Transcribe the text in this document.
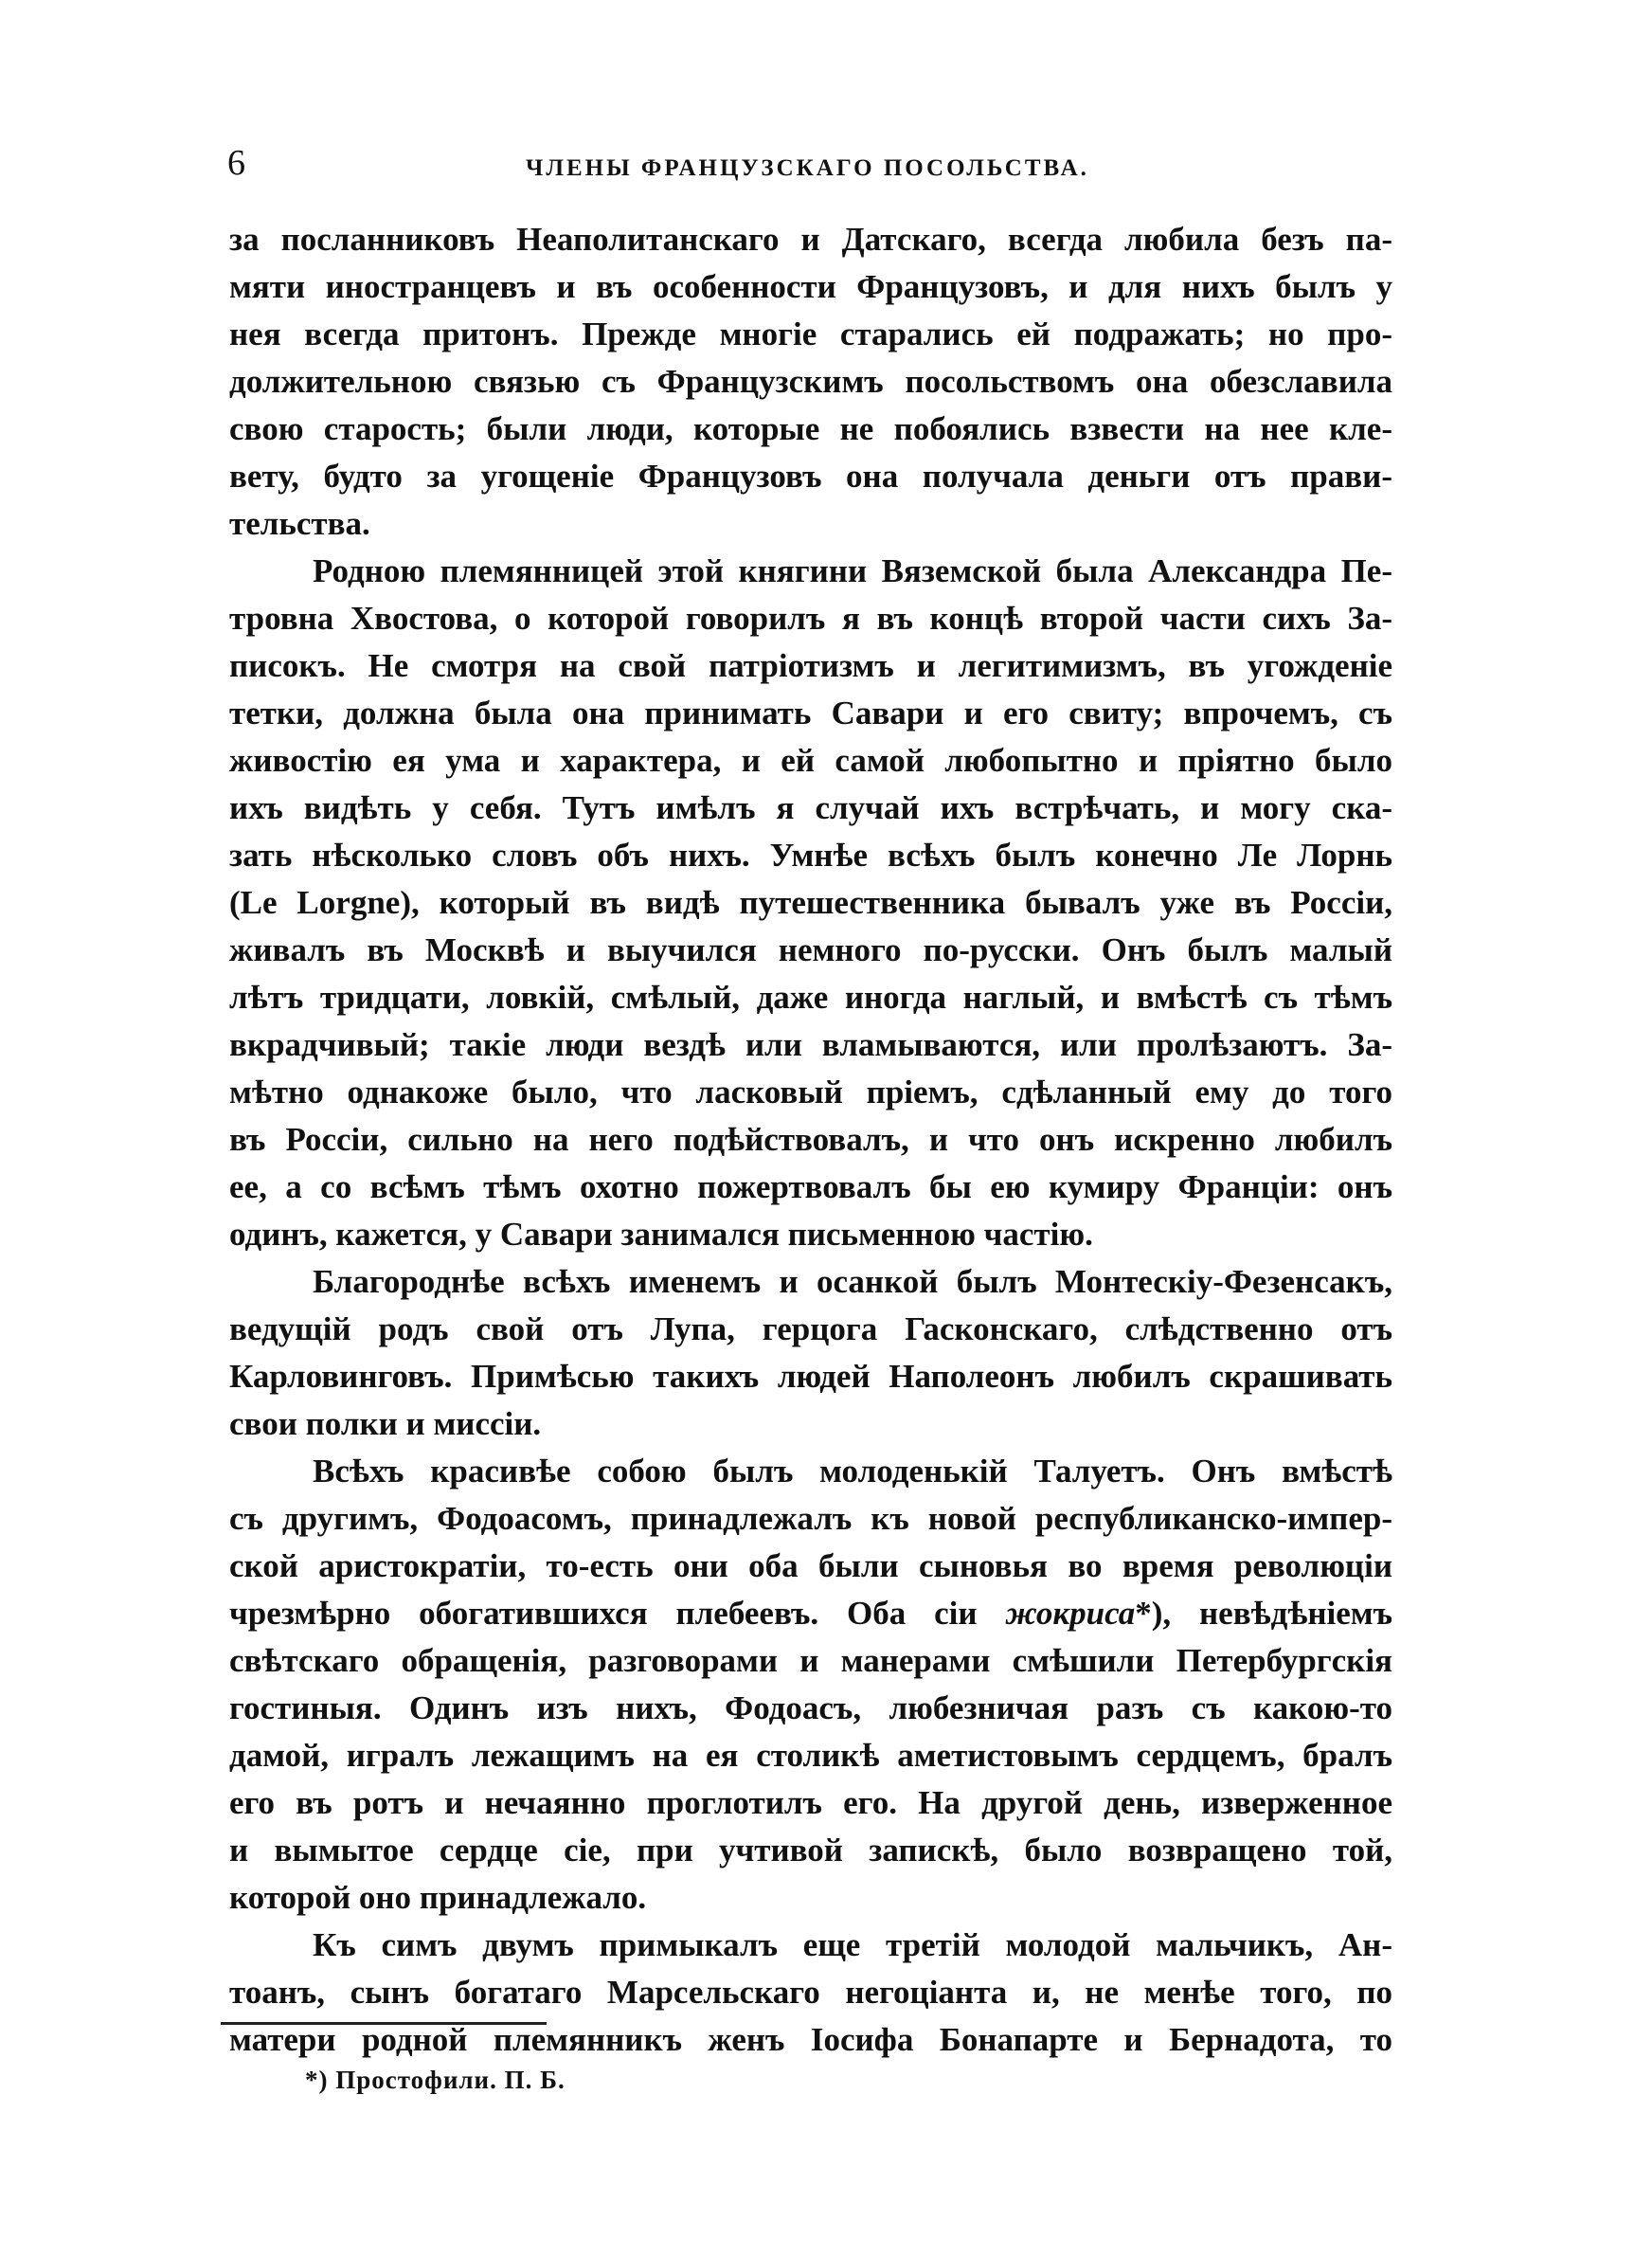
6	ЧЛЕНЫ ФРАНЦУЗСКАГО ПОСОЛЬСТВА.
за посланниковъ Неаполитанскаго и Датскаго, всегда любила безъ па-
мяти иностранцевъ и въ особенности Французовъ, и для нихъ былъ у
нея всегда притонъ. Прежде многіе старались ей подражать; но про-
должительною связью съ Французскимъ посольствомъ она обезславила
свою старость; были люди, которые не побоялись взвести на нее кле-
вету, будто за угощеніе Французовъ она получала деньги отъ прави-
тельства.
Родною племянницей этой княгини Вяземской была Александра Пе-
тровна Хвостова, о которой говорилъ я въ концѣ второй части сихъ За-
писокъ. Не смотря на свой патріотизмъ и легитимизмъ, въ угожденіе
тетки, должна была она принимать Савари и его свиту; впрочемъ, съ
живостію ея ума и характера, и ей самой любопытно и пріятно было
ихъ видѣть у себя. Тутъ имѣлъ я случай ихъ встрѣчать, и могу ска-
зать нѣсколько словъ объ нихъ. Умнѣе всѣхъ былъ конечно Ле Лорнь
(Le Lorgne), который въ видѣ путешественника бывалъ уже въ Россіи,
живалъ въ Москвѣ и выучился немного по-русски. Онъ былъ малый
лѣтъ тридцати, ловкій, смѣлый, даже иногда наглый, и вмѣстѣ съ тѣмъ
вкрадчивый; такіе люди вездѣ или вламываются, или пролѣзаютъ. За-
мѣтно однакоже было, что ласковый пріемъ, сдѣланный ему до того
въ Россіи, сильно на него подѣйствовалъ, и что онъ искренно любилъ
ее, а со всѣмъ тѣмъ охотно пожертвовалъ бы ею кумиру Франціи: онъ
одинъ, кажется, у Савари занимался письменною частію.
Благороднѣе всѣхъ именемъ и осанкой былъ Монтескіу-Фезенсакъ,
ведущій родъ свой отъ Лупа, герцога Гасконскаго, слѣдственно отъ
Карловинговъ. Примѣсью такихъ людей Наполеонъ любилъ скрашивать
свои полки и миссіи.
Всѣхъ красивѣе собою былъ молоденькій Талуетъ. Онъ вмѣстѣ
съ другимъ, Фодоасомъ, принадлежалъ къ новой республиканско-импер-
ской аристократіи, то-есть они оба были сыновья во время революціи
чрезмѣрно обогатившихся плебеевъ. Оба сіи жокриса*), невѣдѣніемъ
свѣтскаго обращенія, разговорами и манерами смѣшили Петербургскія
гостиныя. Одинъ изъ нихъ, Фодоасъ, любезничая разъ съ какою-то
дамой, игралъ лежащимъ на ея столикѣ аметистовымъ сердцемъ, бралъ
его въ ротъ и нечаянно проглотилъ его. На другой день, изверженное
и вымытое сердце сіе, при учтивой запискѣ, было возвращено той,
которой оно принадлежало.
Къ симъ двумъ примыкалъ еще третій молодой мальчикъ, Ан-
тоанъ, сынъ богатаго Марсельскаго негоціанта и, не менѣе того, по
матери родной племянникъ женъ Іосифа Бонапарте и Бернадота, то
*) Простофили. П. Б.
